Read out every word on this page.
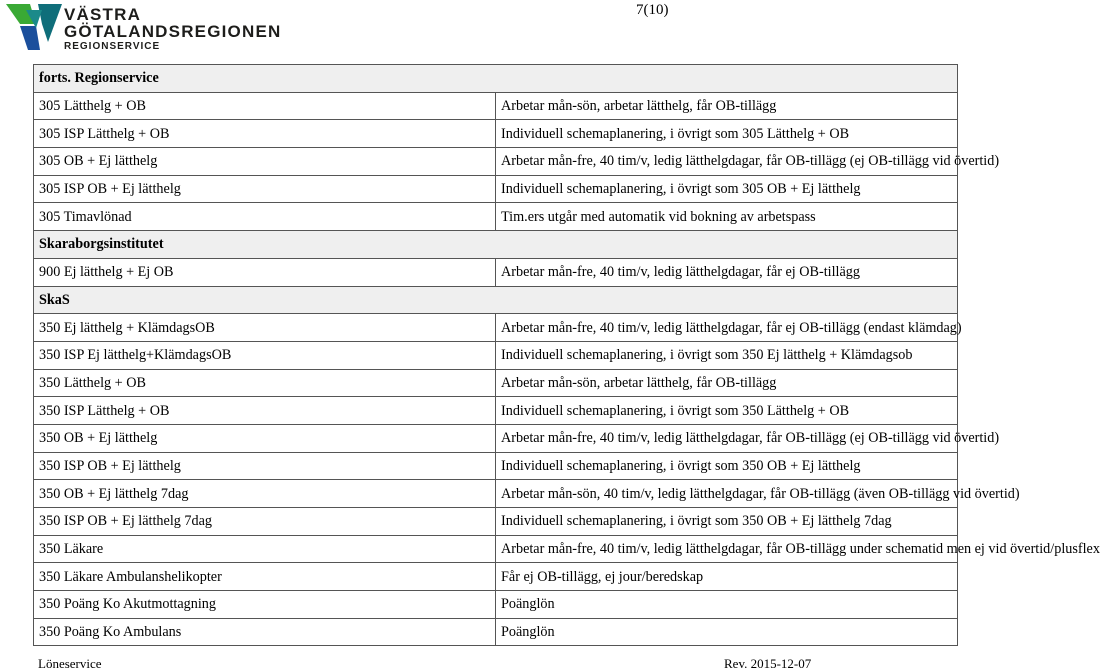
VÄSTRA
GÖTALANDSREGIONEN
REGIONSERVICE
7(10)
forts. Regionservice	
305 Lätthelg + OB	Arbetar mån-sön, arbetar lätthelg, får OB-tillägg
305 ISP Lätthelg + OB	Individuell schemaplanering, i övrigt som 305 Lätthelg + OB
305 OB + Ej lätthelg	Arbetar mån-fre, 40 tim/v, ledig lätthelgdagar, får OB-tillägg (ej OB-tillägg vid övertid)
305 ISP OB + Ej lätthelg	Individuell schemaplanering, i övrigt som 305 OB + Ej lätthelg
305 Timavlönad	Tim.ers utgår med automatik vid bokning av arbetspass
Skaraborgsinstitutet	
900 Ej lätthelg + Ej OB	Arbetar mån-fre, 40 tim/v, ledig lätthelgdagar, får ej OB-tillägg
SkaS	
350 Ej lätthelg + KlämdagsOB	Arbetar mån-fre, 40 tim/v, ledig lätthelgdagar, får ej OB-tillägg (endast klämdag)
350 ISP Ej lätthelg+KlämdagsOB	Individuell schemaplanering, i övrigt som 350 Ej lätthelg + Klämdagsob
350 Lätthelg + OB	Arbetar mån-sön, arbetar lätthelg, får OB-tillägg
350 ISP Lätthelg + OB	Individuell schemaplanering, i övrigt som 350 Lätthelg + OB
350 OB + Ej lätthelg	Arbetar mån-fre, 40 tim/v, ledig lätthelgdagar, får OB-tillägg (ej OB-tillägg vid övertid)
350 ISP OB + Ej lätthelg	Individuell schemaplanering, i övrigt som 350 OB + Ej lätthelg
350 OB + Ej lätthelg 7dag	Arbetar mån-sön, 40 tim/v, ledig lätthelgdagar, får OB-tillägg (även OB-tillägg vid övertid)
350 ISP OB + Ej lätthelg 7dag	Individuell schemaplanering, i övrigt som 350 OB + Ej lätthelg 7dag
350 Läkare	Arbetar mån-fre, 40 tim/v, ledig lätthelgdagar, får OB-tillägg under schematid men ej vid övertid/plusflex
350 Läkare Ambulanshelikopter	Får ej OB-tillägg, ej jour/beredskap
350 Poäng Ko Akutmottagning	Poänglön
350 Poäng Ko Ambulans	Poänglön
Löneservice	Rev. 2015-12-07
